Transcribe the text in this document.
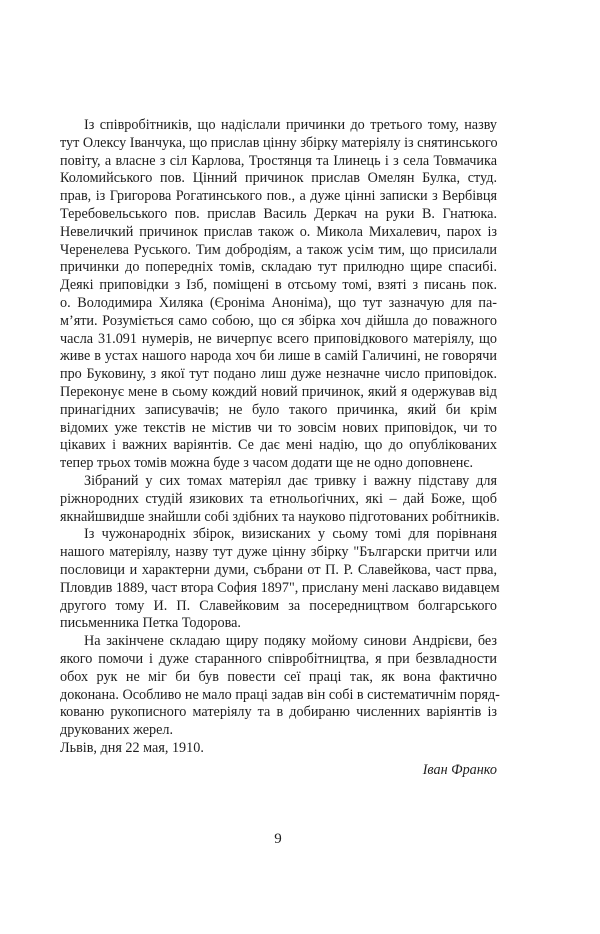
Із співробітників, що надіслали причинки до третього тому, назву
тут Олексу Іванчука, що прислав цінну збірку матеріялу із снятинського
повіту, а власне з сіл Карлова, Тростянця та Ілинець і з села Товмачика
Коломийського пов. Цінний причинок прислав Омелян Булка, студ.
прав, із Григорова Рогатинського пов., а дуже цінні записки з Вербівця
Теребовельського пов. прислав Василь Деркач на руки В. Гнатюка.
Невеличкий причинок прислав також о. Микола Михалевич, парох із
Черенелева Руського. Тим добродіям, а також усім тим, що присилали
причинки до попередніх томів, складаю тут прилюдно щире спасибі.
Деякі приповідки з Ізб, поміщені в отсьому томі, взяті з писань пок.
о. Володимира Хиляка (Єроніма Аноніма), що тут зазначую для па-
м’яти. Розуміється само собою, що ся збірка хоч дійшла до поважного
часла 31.091 нумерів, не вичерпує всего приповідкового матеріялу, що
живе в устах нашого народа хоч би лише в самій Галичині, не говорячи
про Буковину, з якої тут подано лиш дуже незначне число приповідок.
Переконує мене в сьому кождий новий причинок, який я одержував від
принагідних записувачів; не було такого причинка, який би крім
відомих уже текстів не містив чи то зовсім нових приповідок, чи то
цікавих і важних варіянтів. Се дає мені надію, що до опублікованих
тепер трьох томів можна буде з часом додати ще не одно доповненє.
Зібраний у сих томах матеріял дає тривку і важну підставу для
ріжнородних студій язикових та етнольоґічних, які – дай Боже, щоб
якнайшвидше знайшли собі здібних та науково підготованих робітників.
Із чужонародніх збірок, визисканих у сьому томі для порівнаня
нашого матеріялу, назву тут дуже цінну збірку "Български притчи или
пословици и характерни думи, събрани от П. Р. Славейкова, част прва,
Пловдив 1889, част втора София 1897", прислану мені ласкаво видавцем
другого тому И. П. Славейковим за посередництвом болгарського
письменника Петка Тодорова.
На закінчене складаю щиру подяку мойому синови Андрієви, без
якого помочи і дуже старанного співробітництва, я при безвладности
обох рук не міг би був повести сеї праці так, як вона фактично
доконана. Особливо не мало праці задав він собі в систематичнім поряд-
кованю рукописного матеріялу та в добираню численних варіянтів із
друкованих жерел.
Львів, дня 22 мая, 1910.
Іван Франко
9
